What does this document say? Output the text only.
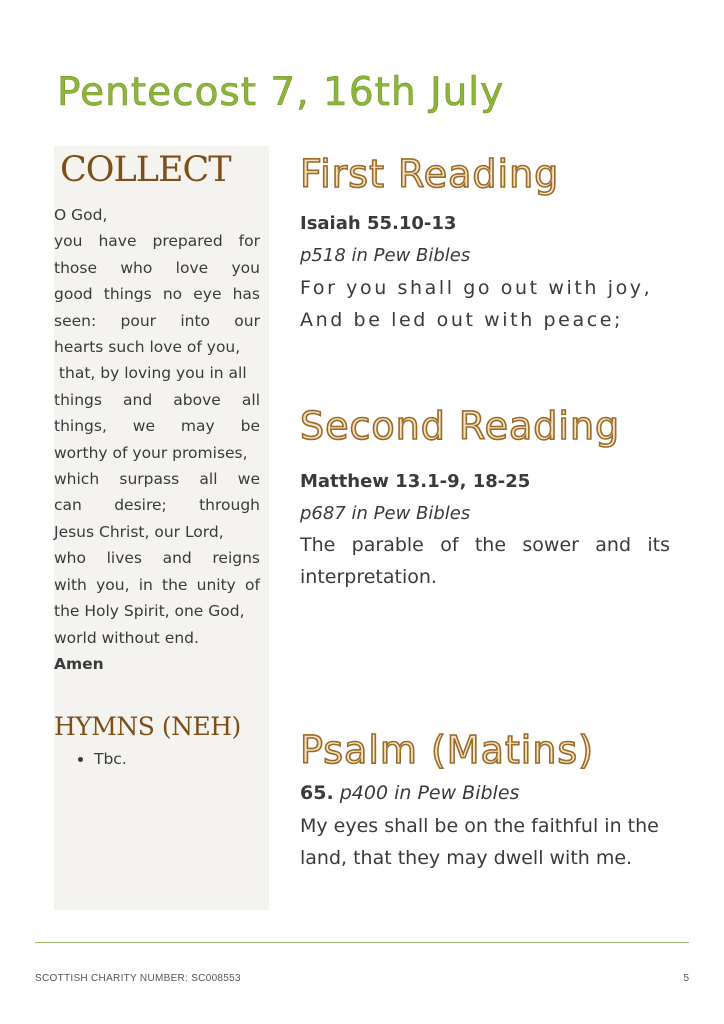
Pentecost 7, 16th July
COLLECT
O God,
you have prepared for
those who love you
good things no eye has
seen: pour into our
hearts such love of you,
that, by loving you in all
things and above all
things, we may be
worthy of your promises,
which surpass all we
can desire; through
Jesus Christ, our Lord,
who lives and reigns
with you, in the unity of
the Holy Spirit, one God,
world without end.
Amen
HYMNS (NEH)
• Tbc.
First Reading
Isaiah 55.10-13
p518 in Pew Bibles
For you shall go out with joy,
And be led out with peace;
Second Reading
Matthew 13.1-9, 18-25
p687 in Pew Bibles
The parable of the sower and its interpretation.
Psalm (Matins)
65. p400 in Pew Bibles
My eyes shall be on the faithful in the
land, that they may dwell with me.
SCOTTISH CHARITY NUMBER: SC008553	5
